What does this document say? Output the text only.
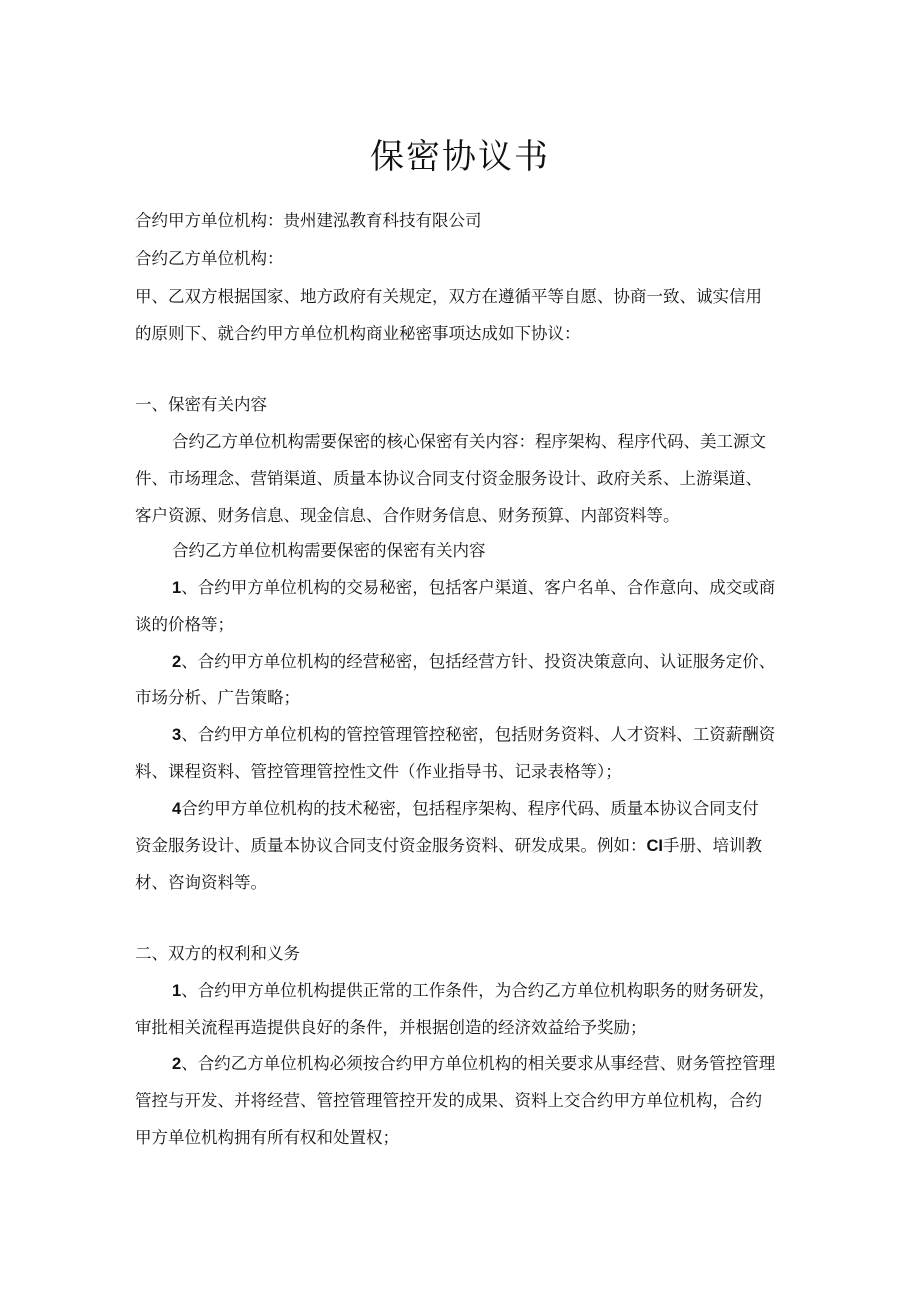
保密协议书

合约甲方单位机构：贵州建泓教育科技有限公司

合约乙方单位机构：

甲、乙双方根据国家、地方政府有关规定，双方在遵循平等自愿、协商一致、诚实信用

的原则下、就合约甲方单位机构商业秘密事项达成如下协议：

一、保密有关内容

合约乙方单位机构需要保密的核心保密有关内容：程序架构、程序代码、美工源文

件、市场理念、营销渠道、质量本协议合同支付资金服务设计、政府关系、上游渠道、

客户资源、财务信息、现金信息、合作财务信息、财务预算、内部资料等。

合约乙方单位机构需要保密的保密有关内容

1、合约甲方单位机构的交易秘密，包括客户渠道、客户名单、合作意向、成交或商

谈的价格等；

2、合约甲方单位机构的经营秘密，包括经营方针、投资决策意向、认证服务定价、

市场分析、广告策略；

3、合约甲方单位机构的管控管理管控秘密，包括财务资料、人才资料、工资薪酬资

料、课程资料、管控管理管控性文件（作业指导书、记录表格等）；

4合约甲方单位机构的技术秘密，包括程序架构、程序代码、质量本协议合同支付

资金服务设计、质量本协议合同支付资金服务资料、研发成果。例如：CI手册、培训教

材、咨询资料等。

二、双方的权利和义务

1、合约甲方单位机构提供正常的工作条件，为合约乙方单位机构职务的财务研发，

审批相关流程再造提供良好的条件，并根据创造的经济效益给予奖励；

2、合约乙方单位机构必须按合约甲方单位机构的相关要求从事经营、财务管控管理

管控与开发、并将经营、管控管理管控开发的成果、资料上交合约甲方单位机构，合约

甲方单位机构拥有所有权和处置权；
